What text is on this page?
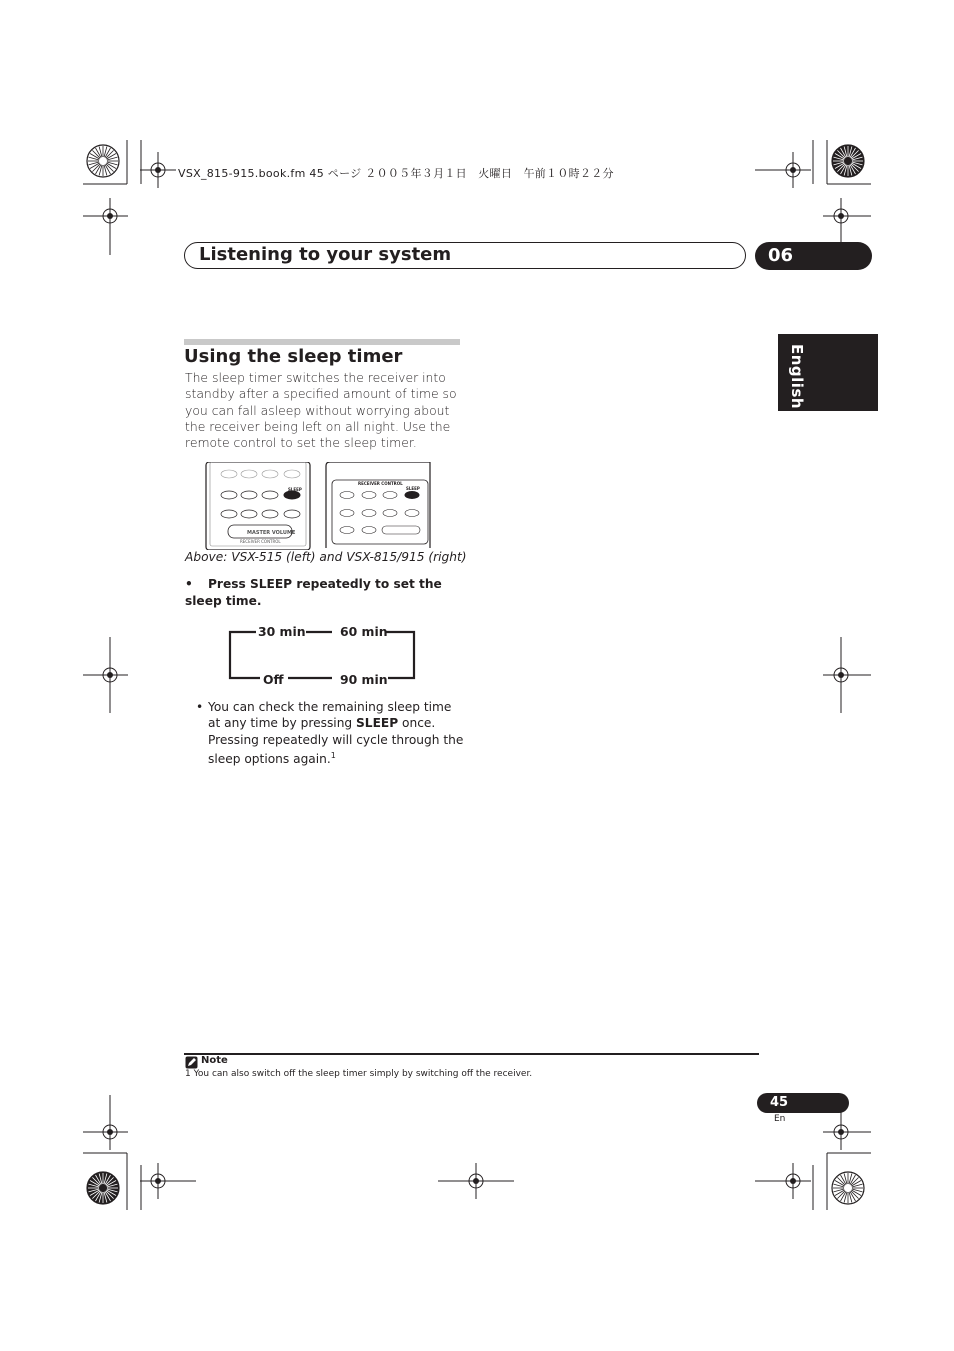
VSX_815-915.book.fm 45 ページ ２００５年３月１日　火曜日　午前１０時２２分
Listening to your system	06
English
Using the sleep timer
The sleep timer switches the receiver into standby after a specified amount of time so you can fall asleep without worrying about the receiver being left on all night. Use the remote control to set the sleep timer.
RECEIVER CONTROL
SLEEP
MASTER VOLUME
RECEIVER CONTROL
SLEEP
Above: VSX-515 (left) and VSX-815/915 (right)
• Press SLEEP repeatedly to set the sleep time.
30 min	60 min
90 min
Off
• You can check the remaining sleep time at any time by pressing SLEEP once. Pressing repeatedly will cycle through the sleep options again.$^1$
Note
1 You can also switch off the sleep timer simply by switching off the receiver.
45
En
